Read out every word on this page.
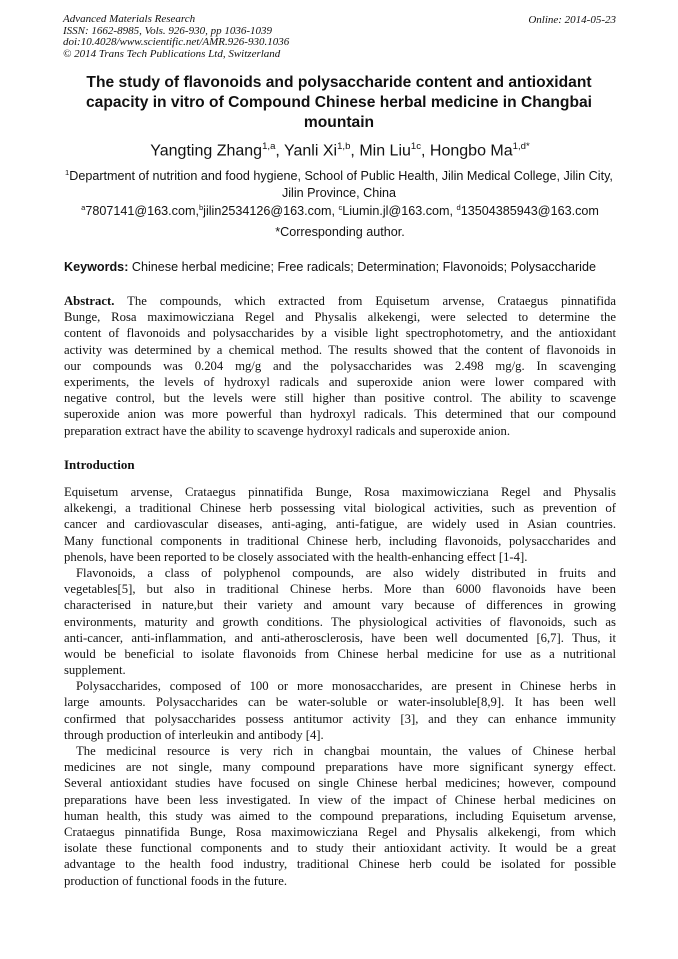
Advanced Materials Research
ISSN: 1662-8985, Vols. 926-930, pp 1036-1039
doi:10.4028/www.scientific.net/AMR.926-930.1036
© 2014 Trans Tech Publications Ltd, Switzerland
Online: 2014-05-23
The study of flavonoids and polysaccharide content and antioxidant
capacity in vitro of Compound Chinese herbal medicine in Changbai
mountain
Yangting Zhang$^{1,a}$, Yanli Xi$^{1,b}$, Min Liu$^{1c}$, Hongbo $Ma^{1,d*}$
$^1$Department of nutrition and food hygiene, School of Public Health, Jilin Medical College, Jilin City,
Jilin Province, China
$^a$7807141@163.com,$^b$jilin2534126@163.com, $^c$Liumin.jl@163.com, $^d$13504385943@163.com
*Corresponding author.
Keywords: Chinese herbal medicine; Free radicals; Determination; Flavonoids; Polysaccharide
Abstract. The compounds, which extracted from Equisetum arvense, Crataegus pinnatifida
Bunge, Rosa maximowicziana Regel and Physalis alkekengi, were selected to determine the
content of flavonoids and polysaccharides by a visible light spectrophotometry, and the antioxidant
activity was determined by a chemical method. The results showed that the content of flavonoids in
our compounds was 0.204 mg/g and the polysaccharides was 2.498 mg/g. In scavenging
experiments, the levels of hydroxyl radicals and superoxide anion were lower compared with
negative control, but the levels were still higher than positive control. The ability to scavenge
superoxide anion was more powerful than hydroxyl radicals. This determined that our compound
preparation extract have the ability to scavenge hydroxyl radicals and superoxide anion.
Introduction
Equisetum arvense, Crataegus pinnatifida Bunge, Rosa maximowicziana Regel and Physalis
alkekengi, a traditional Chinese herb possessing vital biological activities, such as prevention of
cancer and cardiovascular diseases, anti-aging, anti-fatigue, are widely used in Asian countries.
Many functional components in traditional Chinese herb, including flavonoids, polysaccharides and
phenols, have been reported to be closely associated with the health-enhancing effect [1-4].
Flavonoids, a class of polyphenol compounds, are also widely distributed in fruits and
vegetables[5], but also in traditional Chinese herbs. More than 6000 flavonoids have been
characterised in nature,but their variety and amount vary because of differences in growing
environments, maturity and growth conditions. The physiological activities of flavonoids, such as
anti-cancer, anti-inflammation, and anti-atherosclerosis, have been well documented [6,7]. Thus, it
would be beneficial to isolate flavonoids from Chinese herbal medicine for use as a nutritional
supplement.
Polysaccharides, composed of 100 or more monosaccharides, are present in Chinese herbs in
large amounts. Polysaccharides can be water-soluble or water-insoluble[8,9]. It has been well
confirmed that polysaccharides possess antitumor activity [3], and they can enhance immunity
through production of interleukin and antibody [4].
The medicinal resource is very rich in changbai mountain, the values of Chinese herbal
medicines are not single, many compound preparations have more significant synergy effect.
Several antioxidant studies have focused on single Chinese herbal medicines; however, compound
preparations have been less investigated. In view of the impact of Chinese herbal medicines on
human health, this study was aimed to the compound preparations, including Equisetum arvense,
Crataegus pinnatifida Bunge, Rosa maximowicziana Regel and Physalis alkekengi, from which
isolate these functional components and to study their antioxidant activity. It would be a great
advantage to the health food industry, traditional Chinese herb could be isolated for possible
production of functional foods in the future.
